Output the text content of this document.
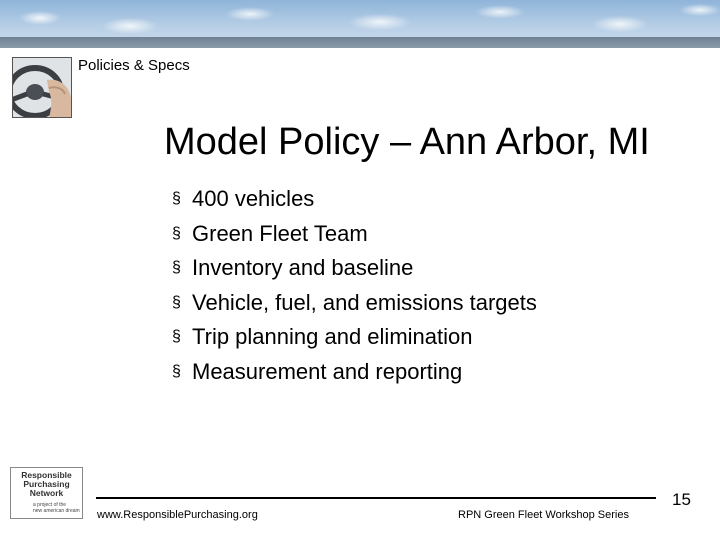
Policies & Specs
Model Policy – Ann Arbor, MI
§ 400 vehicles
§ Green Fleet Team
§ Inventory and baseline
§ Vehicle, fuel, and emissions targets
§ Trip planning and elimination
§ Measurement and reporting
Responsible
Purchasing
Network
a project of the
new american dream www.ResponsiblePurchasing.org	RPN Green Fleet Workshop Series
15
